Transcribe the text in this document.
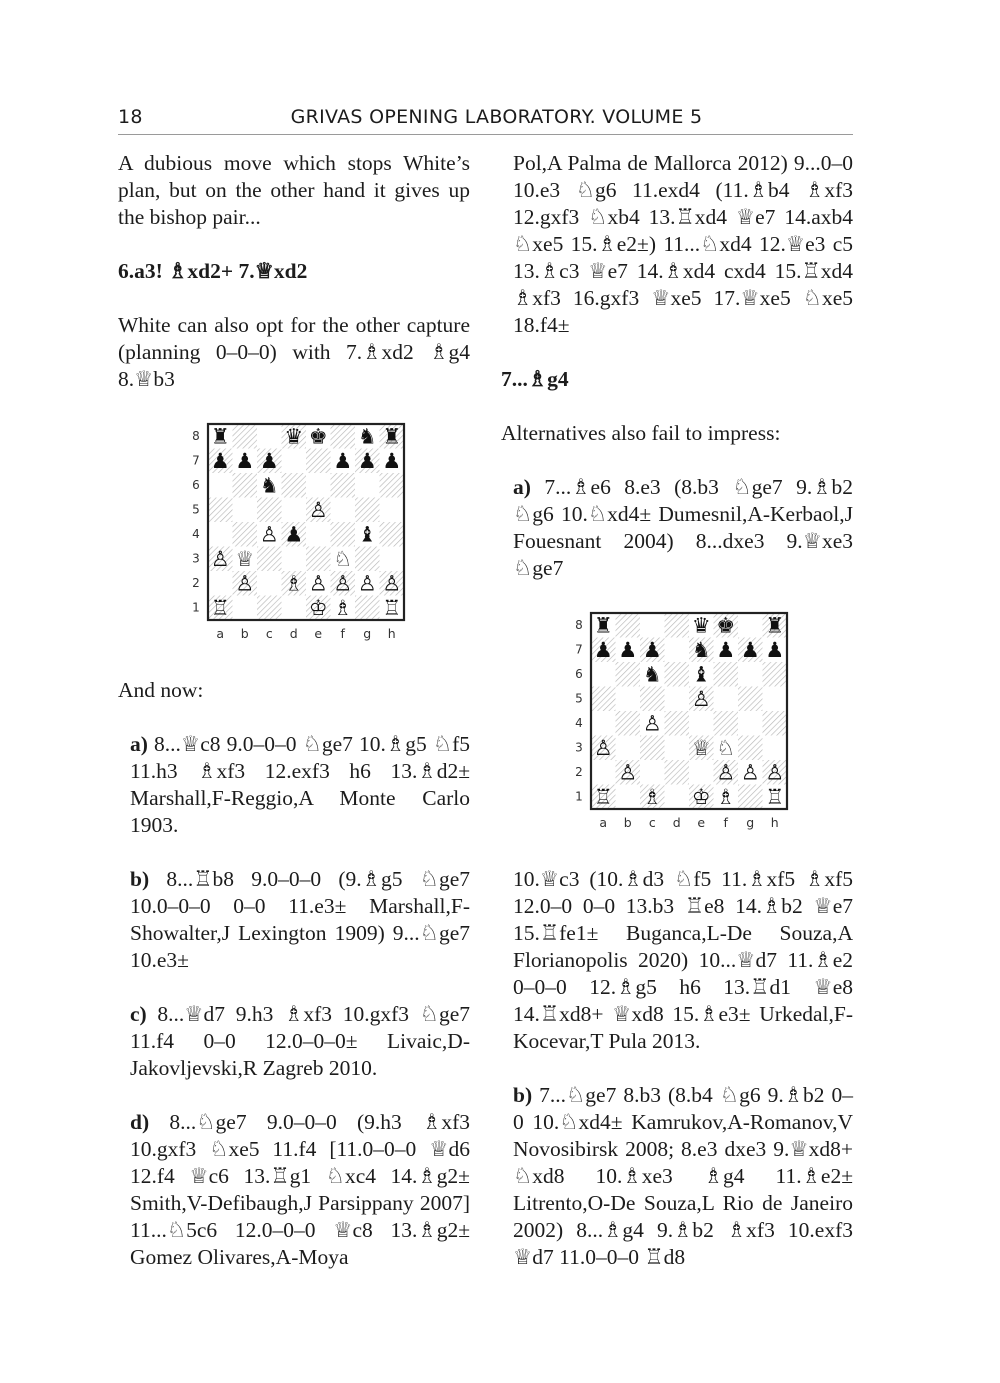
18	GRIVAS OPENING LABORATORY. VOLUME 5

A dubious move which stops White’s plan, but on the other hand it gives up the bishop pair...

6.a3! ♗xd2+ 7.♕xd2

White can also opt for the other capture (planning 0–0–0) with 7.♗xd2 ♗g4 8.♕b3

♜	♛ ♚ ♞ ♜
♟ ♟ ♟	♟ ♟ ♟
♞
♙
♙ ♟	♝
♙ ♕	♘
♙ ♗ ♙ ♙ ♙ ♙
♖	♔ ♗ ♖
8
7
6
5
4
3
2
1
a b c d e f g h

And now:

a) 8...♕c8 9.0–0–0 ♘ge7 10.♗g5 ♘f5 11.h3 ♗xf3 12.exf3 h6 13.♗d2± Marshall,F-Reggio,A Monte Carlo 1903.

b) 8...♖b8 9.0–0–0 (9.♗g5 ♘ge7 10.0–0–0 0–0 11.e3± Marshall,F-Showalter,J Lexington 1909) 9...♘ge7 10.e3±

c) 8...♕d7 9.h3 ♗xf3 10.gxf3 ♘ge7 11.f4 0–0 12.0–0–0± Livaic,D-Jakovljevski,R Zagreb 2010.

d) 8...♘ge7 9.0–0–0 (9.h3 ♗xf3 10.gxf3 ♘xe5 11.f4 [11.0–0–0 ♕d6 12.f4 ♕c6 13.♖g1 ♘xc4 14.♗g2± Smith,V-Defibaugh,J Parsippany 2007] 11...♘5c6 12.0–0–0 ♕c8 13.♗g2± Gomez Olivares,A-Moya

Pol,A Palma de Mallorca 2012) 9...0–0 10.e3 ♘g6 11.exd4 (11.♗b4 ♗xf3 12.gxf3 ♘xb4 13.♖xd4 ♕e7 14.axb4 ♘xe5 15.♗e2±) 11...♘xd4 12.♕e3 c5 13.♗c3 ♕e7 14.♗xd4 cxd4 15.♖xd4 ♗xf3 16.gxf3 ♕xe5 17.♕xe5 ♘xe5 18.f4±

7...♗g4

Alternatives also fail to impress:

a) 7...♗e6 8.e3 (8.b3 ♘ge7 9.♗b2 ♘g6 10.♘xd4± Dumesnil,A-Kerbaol,J Fouesnant 2004) 8...dxe3 9.♕xe3 ♘ge7

♜	♛ ♚ ♜
♟ ♟ ♟ ♞ ♟ ♟ ♟
♞ ♝
♙
♙
♙	♕ ♘
♙	♙ ♙ ♙
♖ ♗ ♔ ♗ ♖
8
7
6
5
4
3
2
1
a b c d e f g h

10.♕c3 (10.♗d3 ♘f5 11.♗xf5 ♗xf5 12.0–0 0–0 13.b3 ♖e8 14.♗b2 ♕e7 15.♖fe1± Buganca,L-De Souza,A Florianopolis 2020) 10...♕d7 11.♗e2 0–0–0 12.♗g5 h6 13.♖d1 ♕e8 14.♖xd8+ ♕xd8 15.♗e3± Urkedal,F-Kocevar,T Pula 2013.

b) 7...♘ge7 8.b3 (8.b4 ♘g6 9.♗b2 0–0 10.♘xd4± Kamrukov,A-Romanov,V Novosibirsk 2008; 8.e3 dxe3 9.♕xd8+ ♘xd8 10.♗xe3 ♗g4 11.♗e2± Litrento,O-De Souza,L Rio de Janeiro 2002) 8...♗g4 9.♗b2 ♗xf3 10.exf3 ♕d7 11.0–0–0 ♖d8
